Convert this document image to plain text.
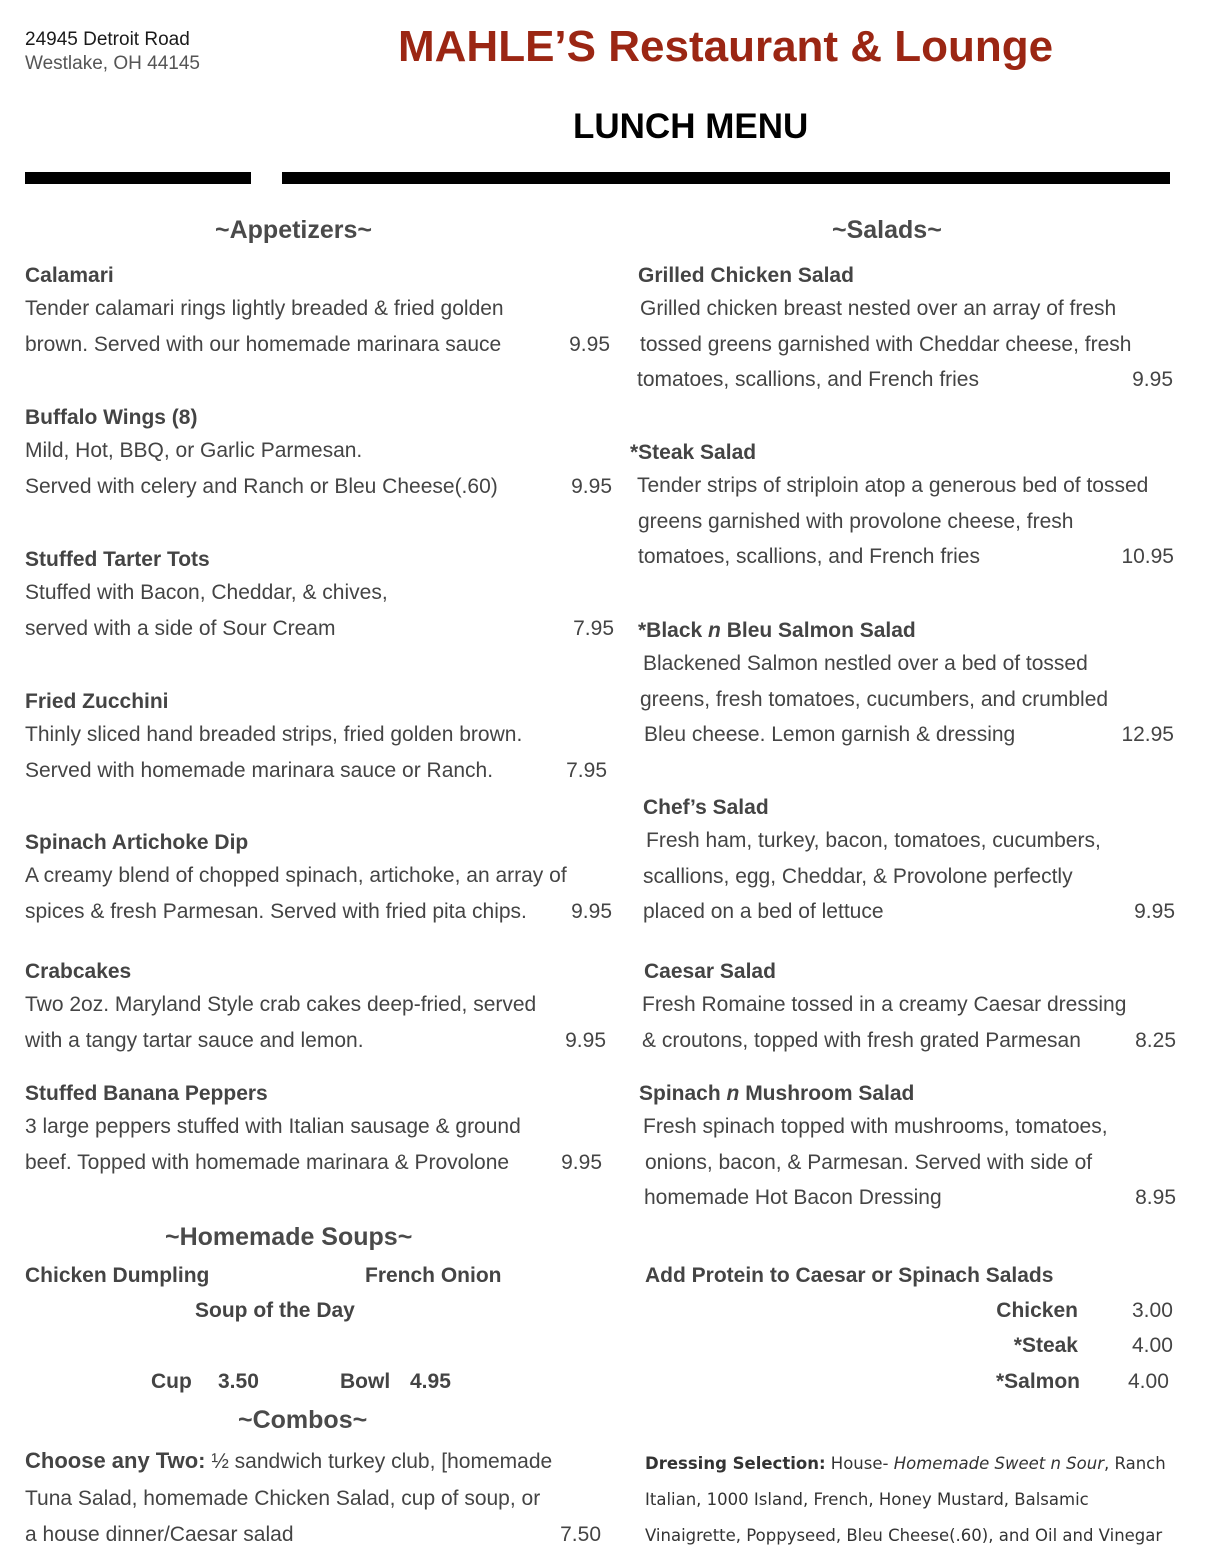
24945 Detroit Road
Westlake, OH 44145	MAHLE’S Restaurant & Lounge
LUNCH MENU
~Appetizers~
Calamari
Tender calamari rings lightly breaded & fried golden
brown. Served with our homemade marinara sauce	9.95
Buffalo Wings (8)
Mild, Hot, BBQ, or Garlic Parmesan.
Served with celery and Ranch or Bleu Cheese(.60)	9.95
Stuffed Tarter Tots
Stuffed with Bacon, Cheddar, & chives,
served with a side of Sour Cream	7.95
Fried Zucchini
Thinly sliced hand breaded strips, fried golden brown.
Served with homemade marinara sauce or Ranch.	7.95
Spinach Artichoke Dip
A creamy blend of chopped spinach, artichoke, an array of
spices & fresh Parmesan. Served with fried pita chips.	9.95
Crabcakes
Two 2oz. Maryland Style crab cakes deep-fried, served
with a tangy tartar sauce and lemon.	9.95
Stuffed Banana Peppers
3 large peppers stuffed with Italian sausage & ground
beef. Topped with homemade marinara & Provolone	9.95
~Homemade Soups~
Chicken Dumpling	French Onion
Soup of the Day
Cup 3.50	Bowl 4.95
~Combos~
Choose any Two: ½ sandwich turkey club, [homemade
Tuna Salad, homemade Chicken Salad, cup of soup, or
a house dinner/Caesar salad	7.50
~Salads~
Grilled Chicken Salad
Grilled chicken breast nested over an array of fresh
tossed greens garnished with Cheddar cheese, fresh
tomatoes, scallions, and French fries	9.95
*Steak Salad
Tender strips of striploin atop a generous bed of tossed
greens garnished with provolone cheese, fresh
tomatoes, scallions, and French fries	10.95
*Black n Bleu Salmon Salad
Blackened Salmon nestled over a bed of tossed
greens, fresh tomatoes, cucumbers, and crumbled
Bleu cheese. Lemon garnish & dressing	12.95
Chef’s Salad
Fresh ham, turkey, bacon, tomatoes, cucumbers,
scallions, egg, Cheddar, & Provolone perfectly
placed on a bed of lettuce	9.95
Caesar Salad
Fresh Romaine tossed in a creamy Caesar dressing
& croutons, topped with fresh grated Parmesan	8.25
Spinach n Mushroom Salad
Fresh spinach topped with mushrooms, tomatoes,
onions, bacon, & Parmesan. Served with side of
homemade Hot Bacon Dressing	8.95
Add Protein to Caesar or Spinach Salads
Chicken	3.00
*Steak	4.00
*Salmon 4.00
Dressing Selection: House- Homemade Sweet n Sour, Ranch
Italian, 1000 Island, French, Honey Mustard, Balsamic
Vinaigrette, Poppyseed, Bleu Cheese(.60), and Oil and Vinegar
